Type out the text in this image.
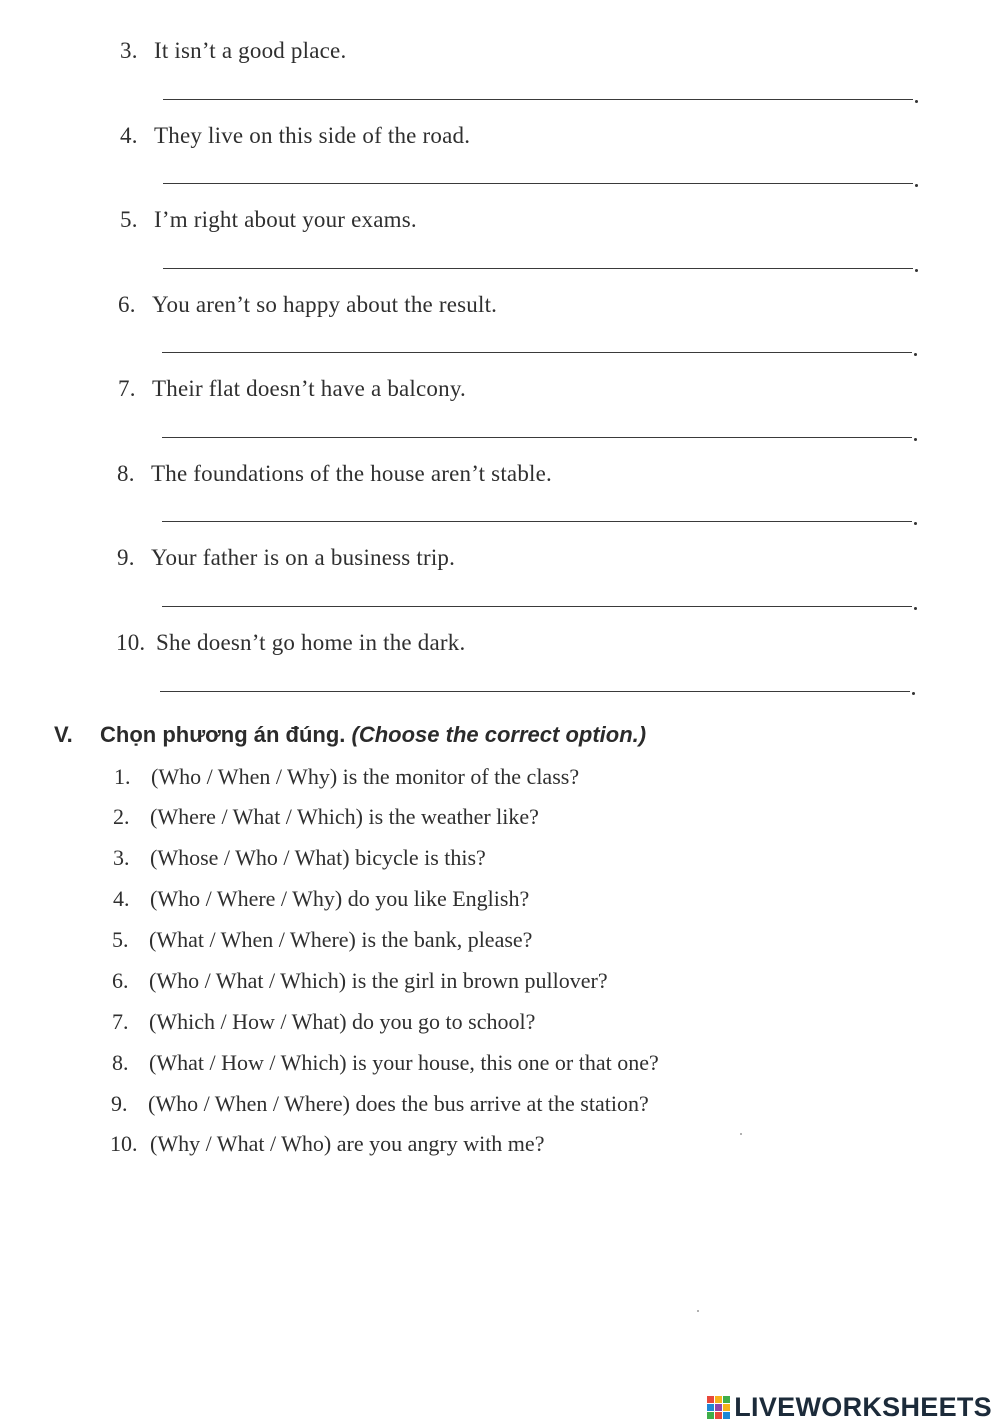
3. It isn’t a good place.
4. They live on this side of the road.
5. I’m right about your exams.
6. You aren’t so happy about the result.
7. Their flat doesn’t have a balcony.
8. The foundations of the house aren’t stable.
9. Your father is on a business trip.
10. She doesn’t go home in the dark.
V. Chọn phương án đúng. (Choose the correct option.)
1. (Who / When / Why) is the monitor of the class?
2. (Where / What / Which) is the weather like?
3. (Whose / Who / What) bicycle is this?
4. (Who / Where / Why) do you like English?
5. (What / When / Where) is the bank, please?
6. (Who / What / Which) is the girl in brown pullover?
7. (Which / How / What) do you go to school?
8. (What / How / Which) is your house, this one or that one?
9. (Who / When / Where) does the bus arrive at the station?
10. (Why / What / Who) are you angry with me?
LIVEWORKSHEETS
